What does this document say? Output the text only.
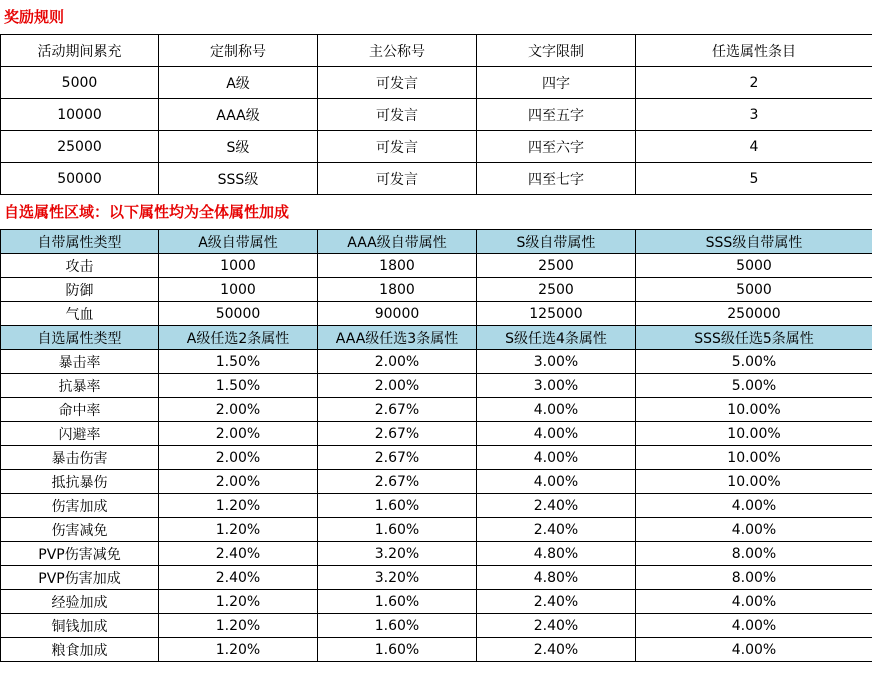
奖励规则
活动期间累充	定制称号	主公称号	文字限制	任选属性条目
5000	A级	可发言	四字	2
10000	AAA级	可发言	四至五字	3
25000	S级	可发言	四至六字	4
50000	SSS级	可发言	四至七字	5
自选属性区域：以下属性均为全体属性加成
自带属性类型	A级自带属性	AAA级自带属性	S级自带属性	SSS级自带属性
攻击	1000	1800	2500	5000
防御	1000	1800	2500	5000
气血	50000	90000	125000	250000
自选属性类型	A级任选2条属性	AAA级任选3条属性	S级任选4条属性	SSS级任选5条属性
暴击率	1.50%	2.00%	3.00%	5.00%
抗暴率	1.50%	2.00%	3.00%	5.00%
命中率	2.00%	2.67%	4.00%	10.00%
闪避率	2.00%	2.67%	4.00%	10.00%
暴击伤害	2.00%	2.67%	4.00%	10.00%
抵抗暴伤	2.00%	2.67%	4.00%	10.00%
伤害加成	1.20%	1.60%	2.40%	4.00%
伤害减免	1.20%	1.60%	2.40%	4.00%
PVP伤害减免	2.40%	3.20%	4.80%	8.00%
PVP伤害加成	2.40%	3.20%	4.80%	8.00%
经验加成	1.20%	1.60%	2.40%	4.00%
铜钱加成	1.20%	1.60%	2.40%	4.00%
粮食加成	1.20%	1.60%	2.40%	4.00%
